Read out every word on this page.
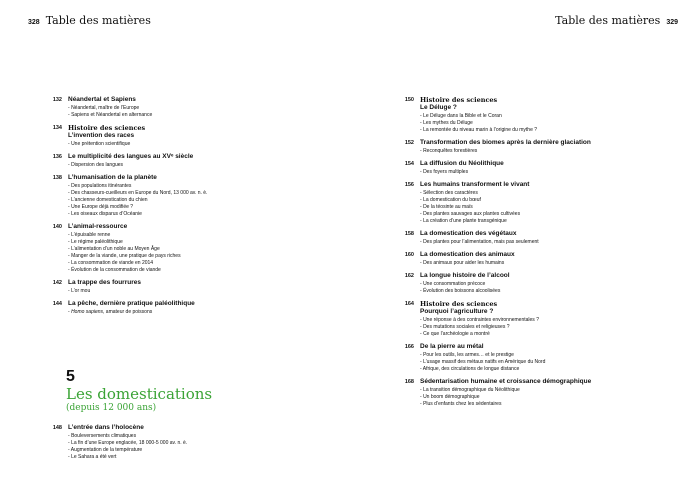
328 Table des matières	Table des matières 329
132 Néandertal et Sapiens
- Néandertal, maître de l’Europe
- Sapiens et Néandertal en alternance
134 Histoire des sciences
L’invention des races
- Une prétention scientifique
136 Le multiplicité des langues au XVᵉ siècle
- Dispersion des langues
138 L’humanisation de la planète
- Des populations itinérantes
- Des chasseurs-cueilleurs en Europe du Nord, 13 000 av. n. è.
- L’ancienne domestication du chien
- Une Europe déjà modifiée ?
- Les oiseaux disparus d’Océanie
140 L’animal-ressource
- L’épuisable renne
- Le régime paléolithique
- L’alimentation d’un noble au Moyen Âge
- Manger de la viande, une pratique de pays riches
- La consommation de viande en 2014
- Évolution de la consommation de viande
142 La trappe des fourrures
- L’or mou
144 La pêche, dernière pratique paléolithique
- Homo sapiens, amateur de poissons
5
Les domestications
(depuis 12 000 ans)
148 L’entrée dans l’holocène
- Bouleversements climatiques
- La fin d’une Europe englacée, 18 000-5 000 av. n. è.
- Augmentation de la température
- Le Sahara a été vert
150 Histoire des sciences
Le Déluge ?
- Le Déluge dans la Bible et le Coran
- Les mythes du Déluge
- La remontée du niveau marin à l’origine du mythe ?
152 Transformation des biomes après la dernière glaciation
- Reconquêtes forestières
154 La diffusion du Néolithique
- Des foyers multiples
156 Les humains transforment le vivant
- Sélection des caractères
- La domestication du bœuf
- De la téosinte au maïs
- Des plantes sauvages aux plantes cultivées
- La création d’une plante transgénique
158 La domestication des végétaux
- Des plantes pour l’alimentation, mais pas seulement
160 La domestication des animaux
- Des animaux pour aider les humains
162 La longue histoire de l’alcool
- Une consommation précoce
- Évolution des boissons alcoolisées
164 Histoire des sciences
Pourquoi l’agriculture ?
- Une réponse à des contraintes environnementales ?
- Des mutations sociales et religieuses ?
- Ce que l’archéologie a montré
166 De la pierre au métal
- Pour les outils, les armes… et le prestige
- L’usage massif des métaux natifs en Amérique du Nord
- Afrique, des circulations de longue distance
168 Sédentarisation humaine et croissance démographique
- La transition démographique du Néolithique
- Un boom démographique
- Plus d’enfants chez les sédentaires
